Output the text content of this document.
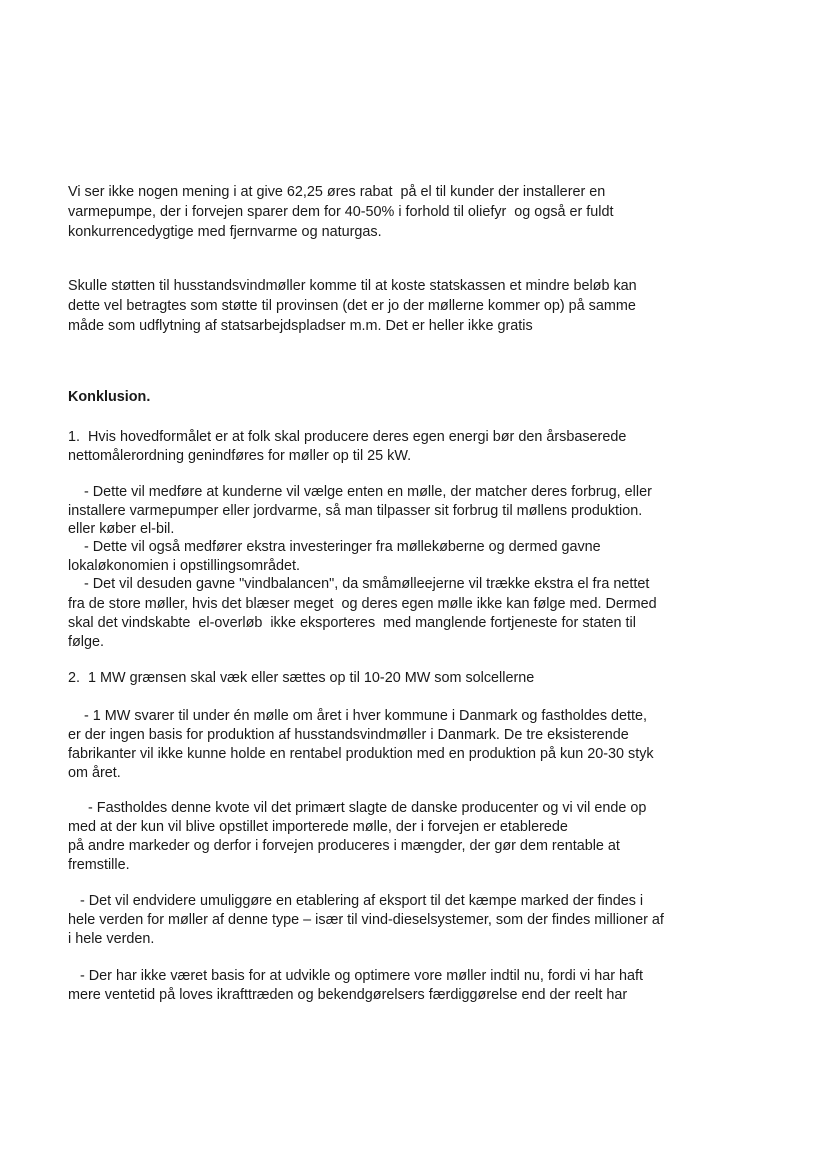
Vi ser ikke nogen mening i at give 62,25 øres rabat  på el til kunder der installerer en
varmepumpe, der i forvejen sparer dem for 40-50% i forhold til oliefyr  og også er fuldt
konkurrencedygtige med fjernvarme og naturgas.
Skulle støtten til husstandsvindmøller komme til at koste statskassen et mindre beløb kan
dette vel betragtes som støtte til provinsen (det er jo der møllerne kommer op) på samme
måde som udflytning af statsarbejdspladser m.m. Det er heller ikke gratis
Konklusion.
1.  Hvis hovedformålet er at folk skal producere deres egen energi bør den årsbaserede
nettomålerordning genindføres for møller op til 25 kW.
- Dette vil medføre at kunderne vil vælge enten en mølle, der matcher deres forbrug, eller
installere varmepumper eller jordvarme, så man tilpasser sit forbrug til møllens produktion.
eller køber el-bil.
- Dette vil også medfører ekstra investeringer fra møllekøberne og dermed gavne
lokaløkonomien i opstillingsområdet.
- Det vil desuden gavne "vindbalancen", da småmølleejerne vil trække ekstra el fra nettet
fra de store møller, hvis det blæser meget  og deres egen mølle ikke kan følge med. Dermed
skal det vindskabte  el-overløb  ikke eksporteres  med manglende fortjeneste for staten til
følge.
2.  1 MW grænsen skal væk eller sættes op til 10-20 MW som solcellerne
- 1 MW svarer til under én mølle om året i hver kommune i Danmark og fastholdes dette,
er der ingen basis for produktion af husstandsvindmøller i Danmark. De tre eksisterende
fabrikanter vil ikke kunne holde en rentabel produktion med en produktion på kun 20-30 styk
om året.
- Fastholdes denne kvote vil det primært slagte de danske producenter og vi vil ende op
med at der kun vil blive opstillet importerede mølle, der i forvejen er etablerede
på andre markeder og derfor i forvejen produceres i mængder, der gør dem rentable at
fremstille.
- Det vil endvidere umuliggøre en etablering af eksport til det kæmpe marked der findes i
hele verden for møller af denne type – især til vind-dieselsystemer, som der findes millioner af
i hele verden.
- Der har ikke været basis for at udvikle og optimere vore møller indtil nu, fordi vi har haft
mere ventetid på loves ikrafttræden og bekendgørelsers færdiggørelse end der reelt har
